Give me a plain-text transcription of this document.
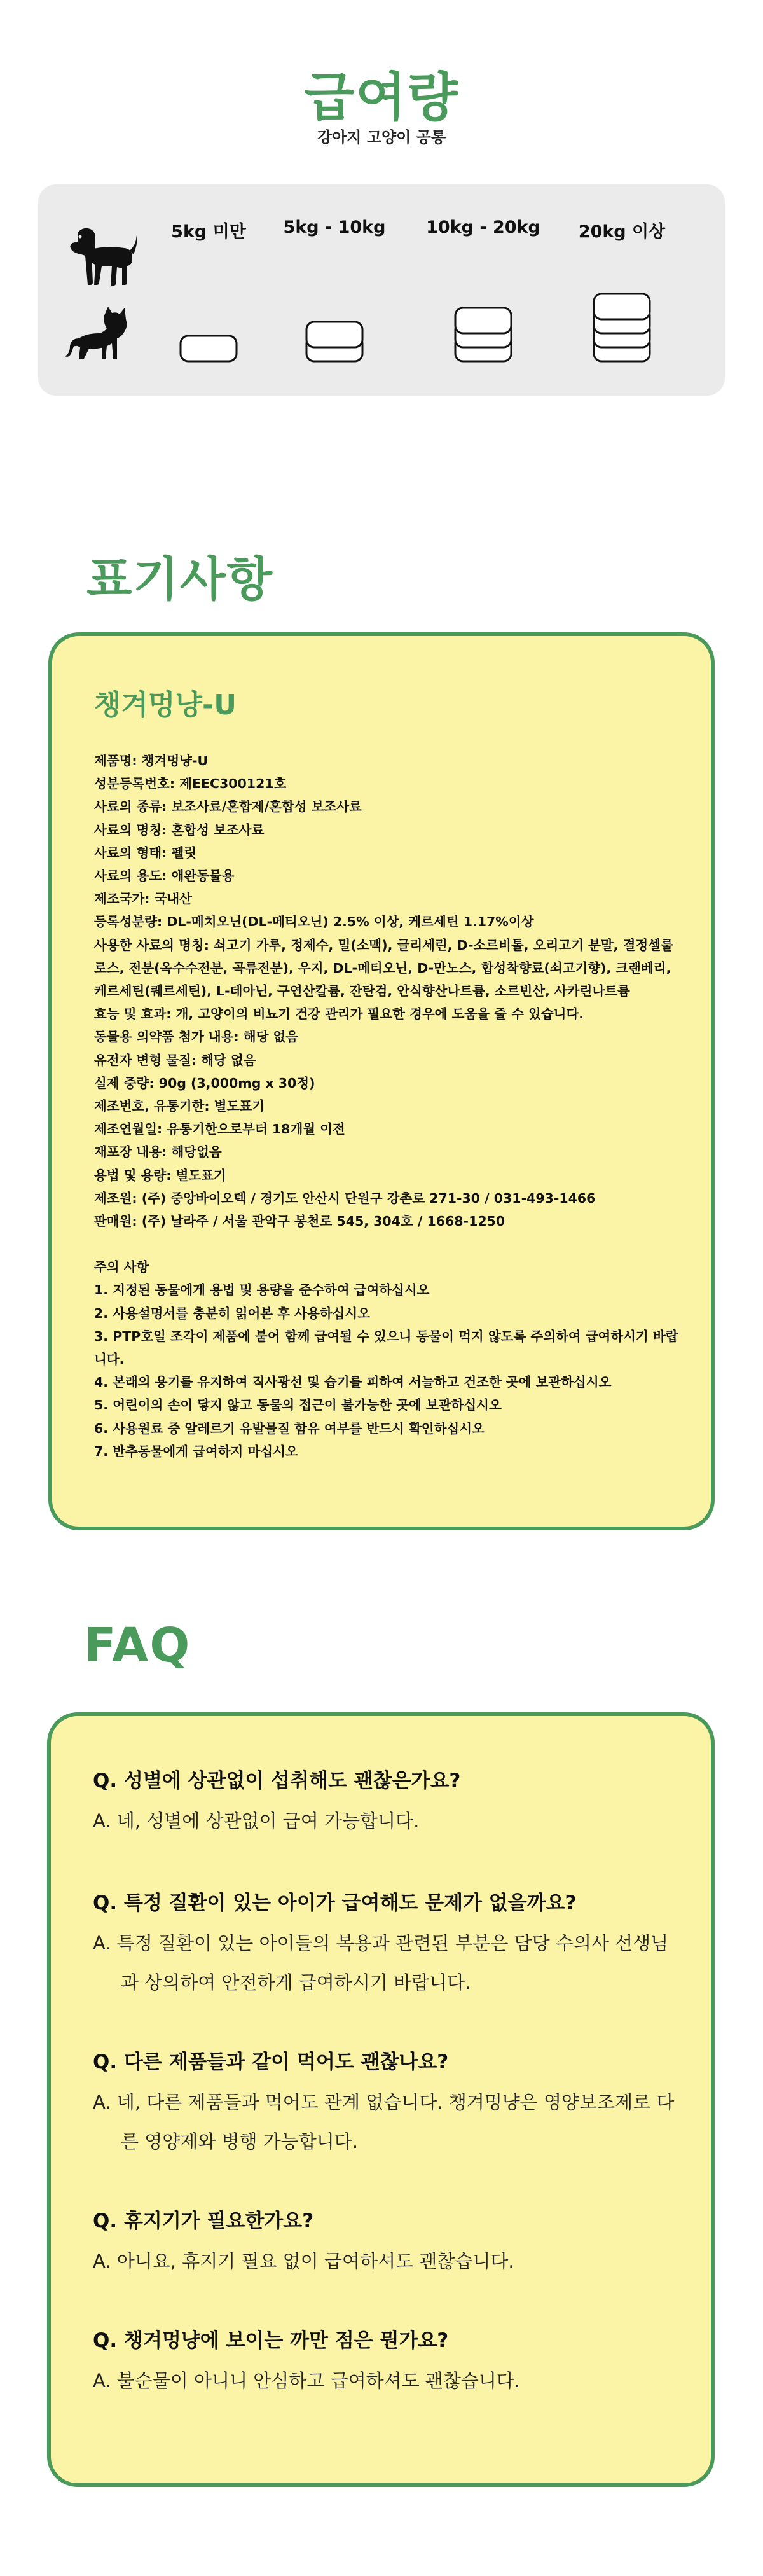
급여량
강아지 고양이 공통
5kg 미만	5kg - 10kg	10kg - 20kg	20kg 이상
표기사항
챙겨멍냥-U
제품명: 챙겨멍냥-U
성분등록번호: 제EEC300121호
사료의 종류: 보조사료/혼합제/혼합성 보조사료
사료의 명칭: 혼합성 보조사료
사료의 형태: 펠릿
사료의 용도: 애완동물용
제조국가: 국내산
등록성분량: DL-메치오닌(DL-메티오닌) 2.5% 이상, 케르세틴 1.17%이상
사용한 사료의 명칭: 쇠고기 가루, 정제수, 밀(소맥), 글리세린, D-소르비톨, 오리고기 분말, 결정셀룰로스, 전분(옥수수전분, 곡류전분), 우지, DL-메티오닌, D-만노스, 합성착향료(쇠고기향), 크랜베리, 케르세틴(퀘르세틴), L-테아닌, 구연산칼륨, 잔탄검, 안식향산나트륨, 소르빈산, 사카린나트륨
효능 및 효과: 개, 고양이의 비뇨기 건강 관리가 필요한 경우에 도움을 줄 수 있습니다.
동물용 의약품 첨가 내용: 해당 없음
유전자 변형 물질: 해당 없음
실제 중량: 90g (3,000mg x 30정)
제조번호, 유통기한: 별도표기
제조연월일: 유통기한으로부터 18개월 이전
재포장 내용: 해당없음
용법 및 용량: 별도표기
제조원: (주) 중앙바이오텍 / 경기도 안산시 단원구 강촌로 271-30 / 031-493-1466
판매원: (주) 날라주 / 서울 관악구 봉천로 545, 304호 / 1668-1250
주의 사항
1. 지정된 동물에게 용법 및 용량을 준수하여 급여하십시오
2. 사용설명서를 충분히 읽어본 후 사용하십시오
3. PTP호일 조각이 제품에 붙어 함께 급여될 수 있으니 동물이 먹지 않도록 주의하여 급여하시기 바랍니다.
4. 본래의 용기를 유지하여 직사광선 및 습기를 피하여 서늘하고 건조한 곳에 보관하십시오
5. 어린이의 손이 닿지 않고 동물의 접근이 불가능한 곳에 보관하십시오
6. 사용원료 중 알레르기 유발물질 함유 여부를 반드시 확인하십시오
7. 반추동물에게 급여하지 마십시오
FAQ
Q. 성별에 상관없이 섭취해도 괜찮은가요?
A. 네, 성별에 상관없이 급여 가능합니다.
Q. 특정 질환이 있는 아이가 급여해도 문제가 없을까요?
A. 특정 질환이 있는 아이들의 복용과 관련된 부분은 담당 수의사 선생님과 상의하여 안전하게 급여하시기 바랍니다.
Q. 다른 제품들과 같이 먹어도 괜찮나요?
A. 네, 다른 제품들과 먹어도 관계 없습니다. 챙겨멍냥은 영양보조제로 다른 영양제와 병행 가능합니다.
Q. 휴지기가 필요한가요?
A. 아니요, 휴지기 필요 없이 급여하셔도 괜찮습니다.
Q. 챙겨멍냥에 보이는 까만 점은 뭔가요?
A. 불순물이 아니니 안심하고 급여하셔도 괜찮습니다.
